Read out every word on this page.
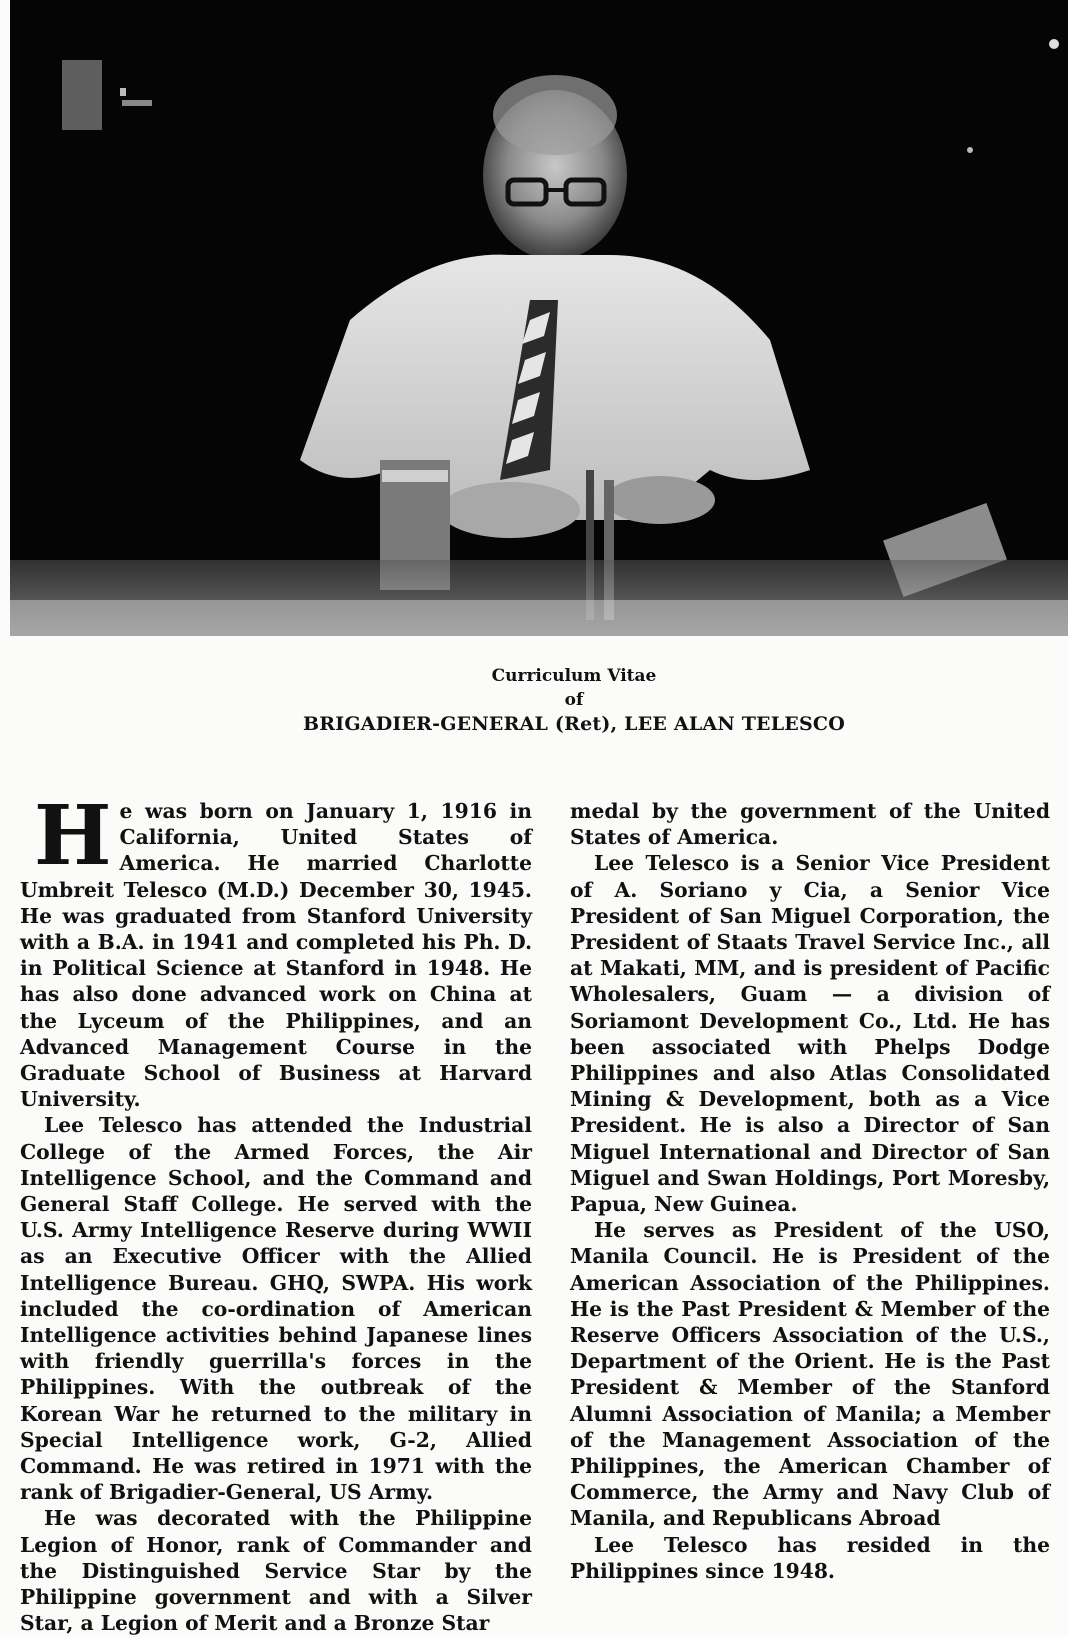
Curriculum Vitae
of
BRIGADIER-GENERAL (Ret), LEE ALAN TELESCO

He was born on January 1, 1916 in California, United States of America. He married Charlotte Umbreit Telesco (M.D.) December 30, 1945. He was graduated from Stanford University with a B.A. in 1941 and completed his Ph. D. in Political Science at Stanford in 1948. He has also done advanced work on China at the Lyceum of the Philippines, and an Advanced Management Course in the Graduate School of Business at Harvard University.

Lee Telesco has attended the Industrial College of the Armed Forces, the Air Intelligence School, and the Command and General Staff College. He served with the U.S. Army Intelligence Reserve during WWII as an Executive Officer with the Allied Intelligence Bureau. GHQ, SWPA. His work included the co-ordination of American Intelligence activities behind Japanese lines with friendly guerrilla's forces in the Philippines. With the outbreak of the Korean War he returned to the military in Special Intelligence work, G-2, Allied Command. He was retired in 1971 with the rank of Brigadier-General, US Army.

He was decorated with the Philippine Legion of Honor, rank of Commander and the Distinguished Service Star by the Philippine government and with a Silver Star, a Legion of Merit and a Bronze Star

medal by the government of the United States of America.

Lee Telesco is a Senior Vice President of A. Soriano y Cia, a Senior Vice President of San Miguel Corporation, the President of Staats Travel Service Inc., all at Makati, MM, and is president of Pacific Wholesalers, Guam — a division of Soriamont Development Co., Ltd. He has been associated with Phelps Dodge Philippines and also Atlas Consolidated Mining & Development, both as a Vice President. He is also a Director of San Miguel International and Director of San Miguel and Swan Holdings, Port Moresby, Papua, New Guinea.

He serves as President of the USO, Manila Council. He is President of the American Association of the Philippines. He is the Past President & Member of the Reserve Officers Association of the U.S., Department of the Orient. He is the Past President & Member of the Stanford Alumni Association of Manila; a Member of the Management Association of the Philippines, the American Chamber of Commerce, the Army and Navy Club of Manila, and Republicans Abroad

Lee Telesco has resided in the Philippines since 1948.
